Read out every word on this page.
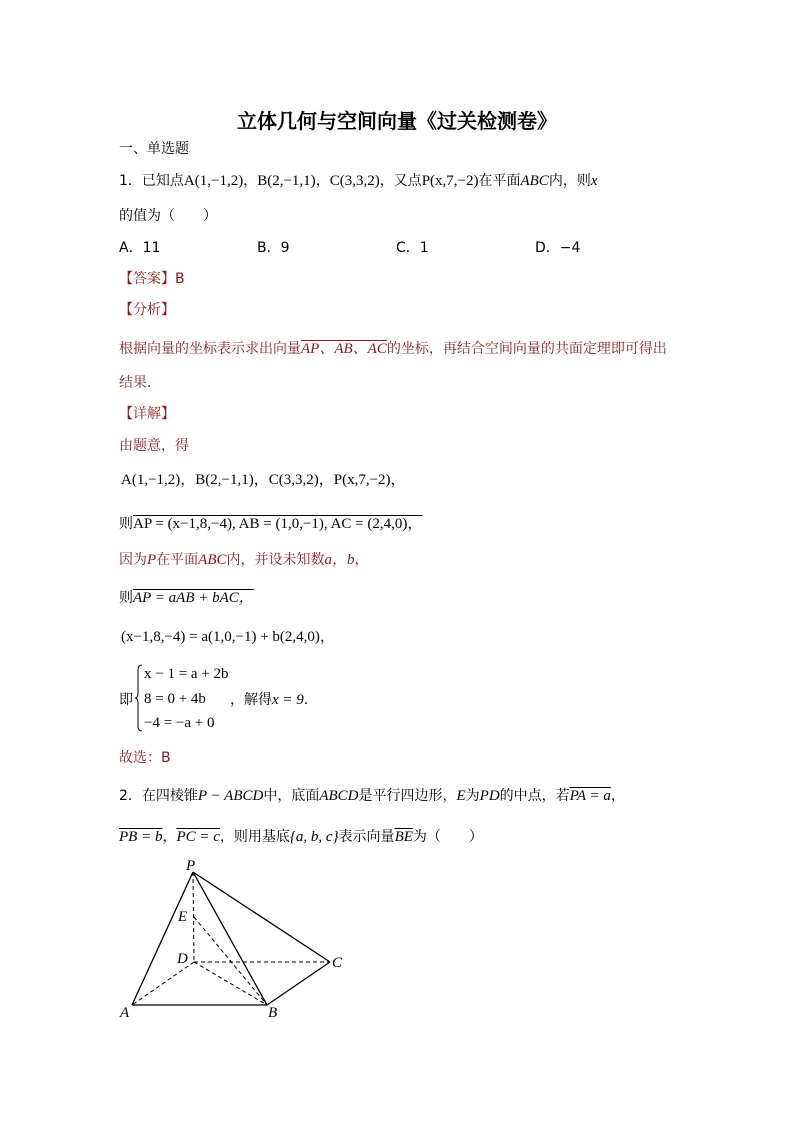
立体几何与空间向量《过关检测卷》
一、单选题
1．已知点A(1,−1,2)，B(2,−1,1)，C(3,3,2)，又点P(x,7,−2)在平面ABC内，则x
的值为（　　）
A．11	B．9	C．1	D．−4
【答案】B
【分析】
根据向量的坐标表示求出向量AP、AB、AC的坐标，再结合空间向量的共面定理即可得出
结果.
【详解】
由题意，得
A(1,−1,2)，B(2,−1,1)，C(3,3,2)，P(x,7,−2)，
则AP = (x−1,8,−4), AB = (1,0,−1), AC = (2,4,0)，
因为P在平面ABC内，并设未知数a，b，
则AP = aAB + bAC，
(x−1,8,−4) = a(1,0,−1) + b(2,4,0)，
即
x − 1 = a + 2b
8 = 0 + 4b
−4 = −a + 0
，解得x = 9.
故选：B
2．在四棱锥P − ABCD中，底面ABCD是平行四边形，E为PD的中点，若PA = a，
PB = b，PC = c，则用基底{a, b, c}表示向量$\overline{BE}$为（　　）
P
E
D	C
A	B
